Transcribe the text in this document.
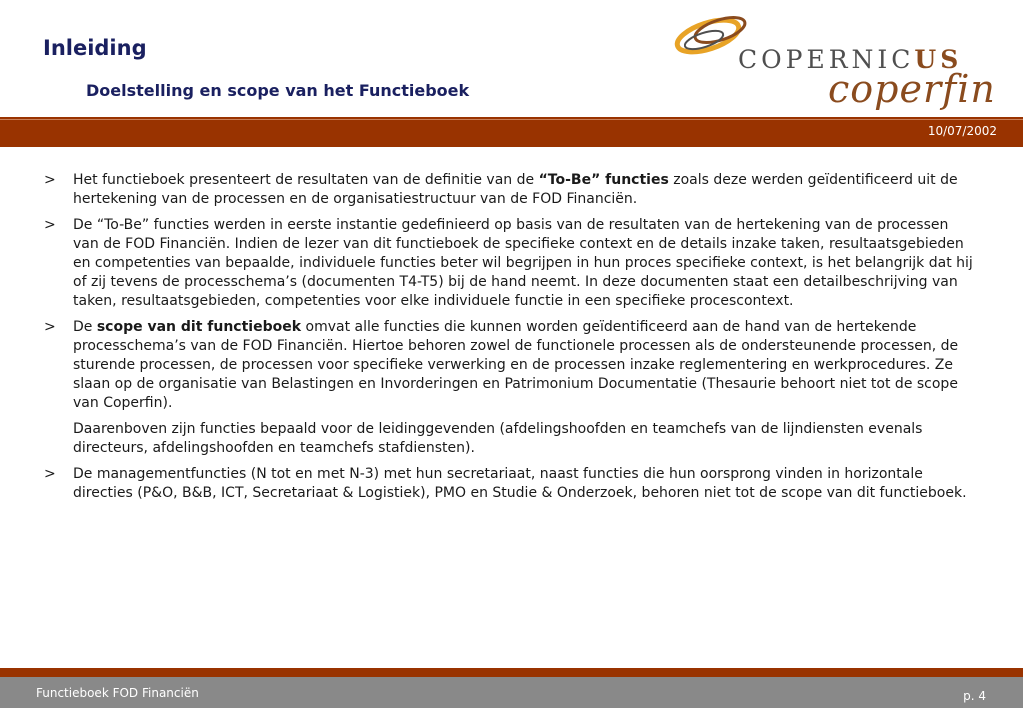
Inleiding
Doelstelling en scope van het Functieboek
copernicus
coperfin
10/07/2002
>	Het functieboek presenteert de resultaten van de definitie van de “To-Be” functies zoals deze werden geïdentificeerd uit de hertekening van de processen en de organisatiestructuur van de FOD Financiën.

>	De “To-Be” functies werden in eerste instantie gedefinieerd op basis van de resultaten van de hertekening van de processen van de FOD Financiën. Indien de lezer van dit functieboek de specifieke context en de details inzake taken, resultaatsgebieden en competenties van bepaalde, individuele functies beter wil begrijpen in hun proces specifieke context, is het belangrijk dat hij of zij tevens de processchema’s (documenten T4-T5) bij de hand neemt. In deze documenten staat een detailbeschrijving van taken, resultaatsgebieden, competenties voor elke individuele functie in een specifieke procescontext.

>	De scope van dit functieboek omvat alle functies die kunnen worden geïdentificeerd aan de hand van de hertekende processchema’s van de FOD Financiën. Hiertoe behoren zowel de functionele processen als de ondersteunende processen, de sturende processen, de processen voor specifieke verwerking en de processen inzake reglementering en werkprocedures. Ze slaan op de organisatie van Belastingen en Invorderingen en Patrimonium Documentatie (Thesaurie behoort niet tot de scope van Coperfin).

Daarenboven zijn functies bepaald voor de leidinggevenden (afdelingshoofden en teamchefs van de lijndiensten evenals directeurs, afdelingshoofden en teamchefs stafdiensten).

>	De managementfuncties (N tot en met N-3) met hun secretariaat, naast functies die hun oorsprong vinden in horizontale directies (P&O, B&B, ICT, Secretariaat & Logistiek), PMO en Studie & Onderzoek, behoren niet tot de scope van dit functieboek.

Functieboek FOD Financiën	p. 4
